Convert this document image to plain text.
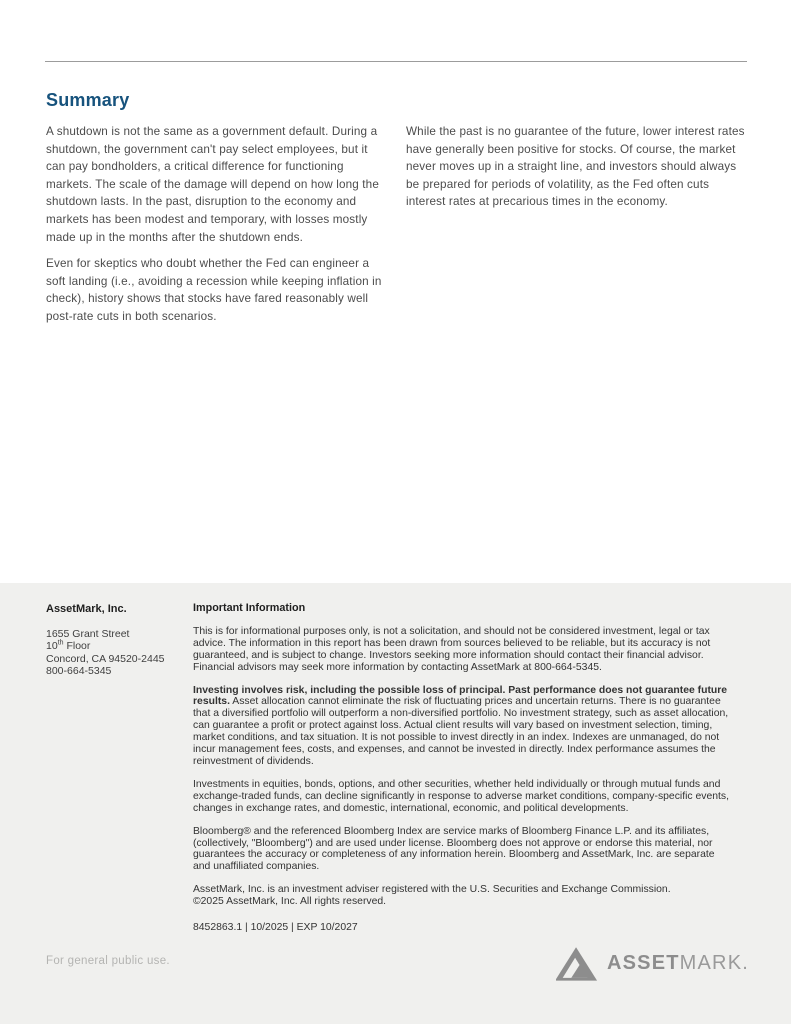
Summary

A shutdown is not the same as a government default. During a shutdown, the government can't pay select employees, but it can pay bondholders, a critical difference for functioning markets. The scale of the damage will depend on how long the shutdown lasts. In the past, disruption to the economy and markets has been modest and temporary, with losses mostly made up in the months after the shutdown ends.

Even for skeptics who doubt whether the Fed can engineer a soft landing (i.e., avoiding a recession while keeping inflation in check), history shows that stocks have fared reasonably well post-rate cuts in both scenarios.

While the past is no guarantee of the future, lower interest rates have generally been positive for stocks. Of course, the market never moves up in a straight line, and investors should always be prepared for periods of volatility, as the Fed often cuts interest rates at precarious times in the economy.

AssetMark, Inc.
1655 Grant Street
10th Floor
Concord, CA 94520-2445
800-664-5345
Important Information

This is for informational purposes only, is not a solicitation, and should not be considered investment, legal or tax advice. The information in this report has been drawn from sources believed to be reliable, but its accuracy is not guaranteed, and is subject to change. Investors seeking more information should contact their financial advisor. Financial advisors may seek more information by contacting AssetMark at 800-664-5345.

Investing involves risk, including the possible loss of principal. Past performance does not guarantee future results. Asset allocation cannot eliminate the risk of fluctuating prices and uncertain returns. There is no guarantee that a diversified portfolio will outperform a non-diversified portfolio. No investment strategy, such as asset allocation, can guarantee a profit or protect against loss. Actual client results will vary based on investment selection, timing, market conditions, and tax situation. It is not possible to invest directly in an index. Indexes are unmanaged, do not incur management fees, costs, and expenses, and cannot be invested in directly. Index performance assumes the reinvestment of dividends.

Investments in equities, bonds, options, and other securities, whether held individually or through mutual funds and exchange-traded funds, can decline significantly in response to adverse market conditions, company-specific events, changes in exchange rates, and domestic, international, economic, and political developments.

Bloomberg® and the referenced Bloomberg Index are service marks of Bloomberg Finance L.P. and its affiliates, (collectively, "Bloomberg") and are used under license. Bloomberg does not approve or endorse this material, nor guarantees the accuracy or completeness of any information herein. Bloomberg and AssetMark, Inc. are separate and unaffiliated companies.

AssetMark, Inc. is an investment adviser registered with the U.S. Securities and Exchange Commission.
©2025 AssetMark, Inc. All rights reserved.

8452863.1 | 10/2025 | EXP 10/2027

For general public use.	ASSETMARK.
